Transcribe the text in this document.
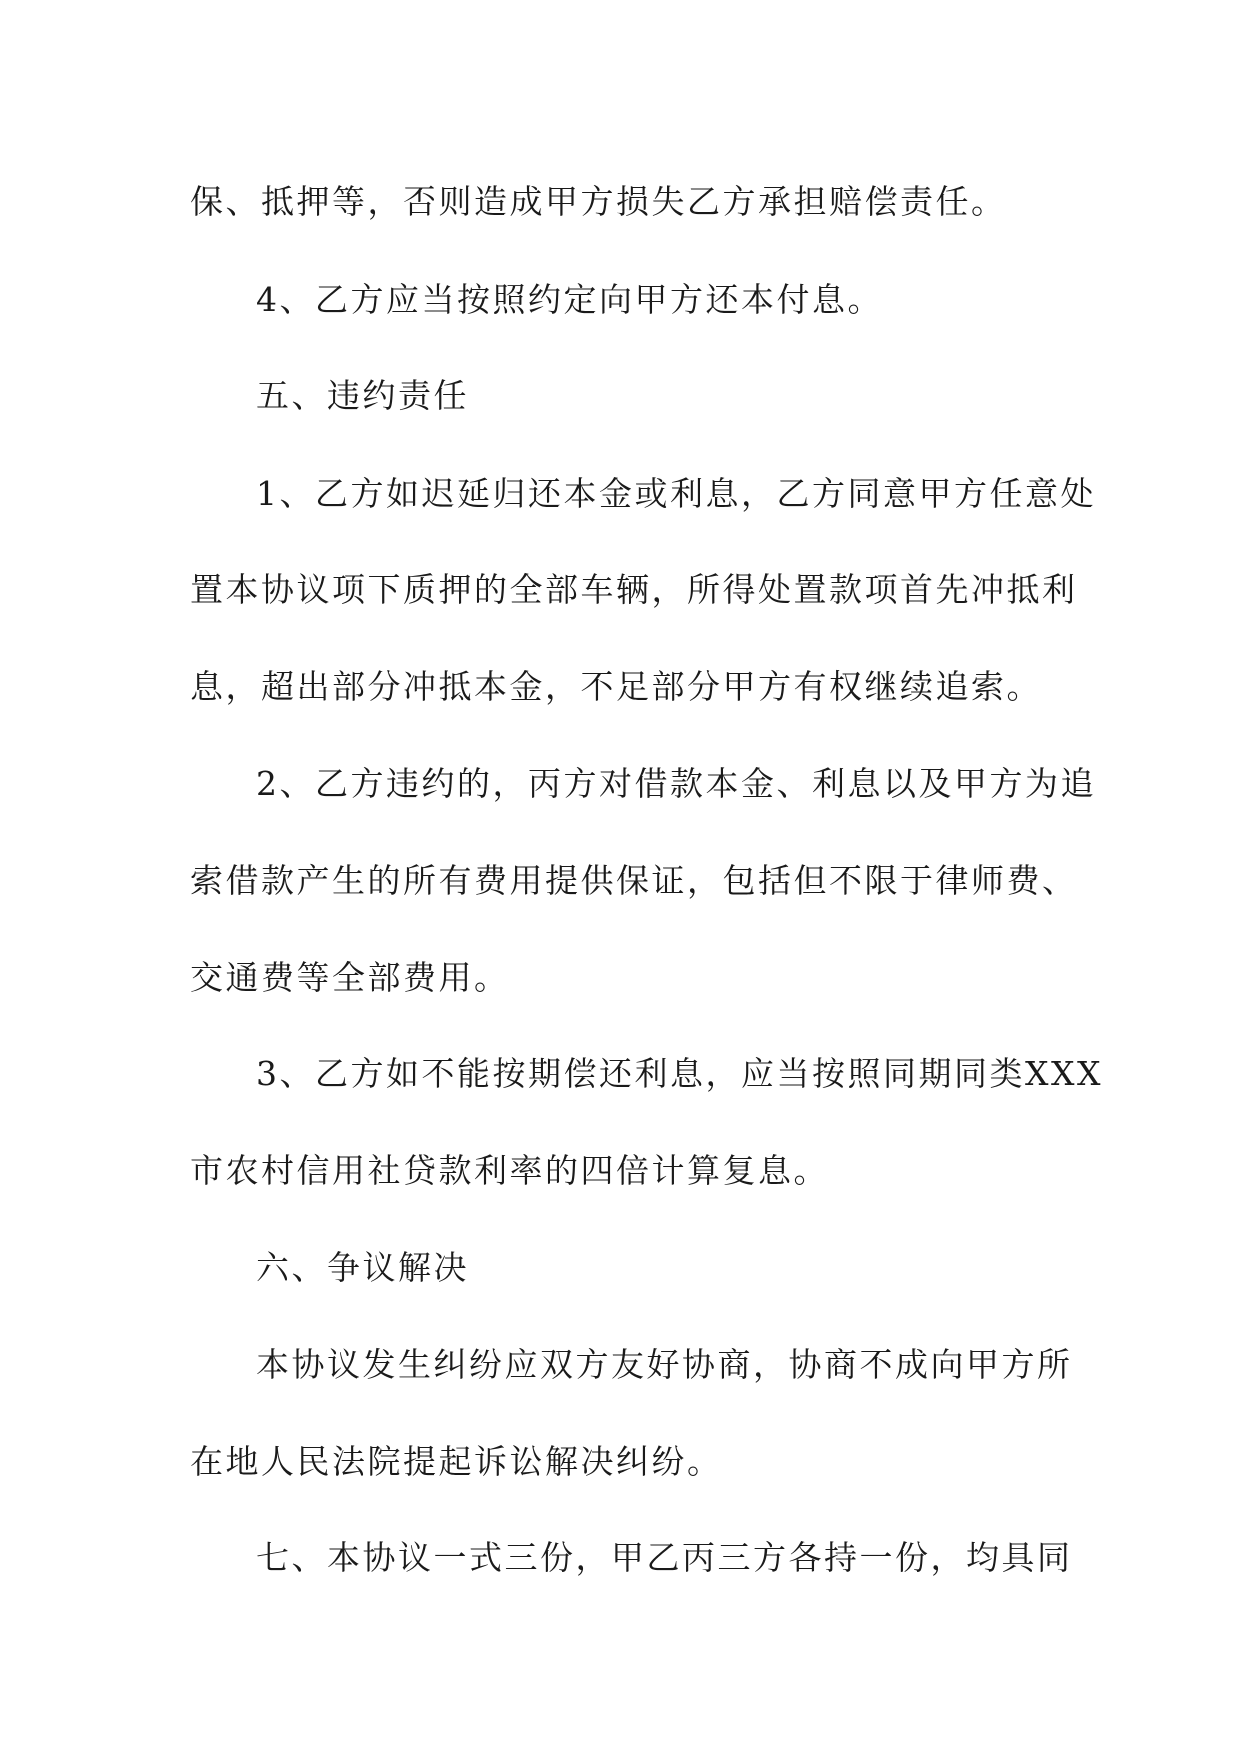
保、抵押等，否则造成甲方损失乙方承担赔偿责任。
4、乙方应当按照约定向甲方还本付息。
五、违约责任
1、乙方如迟延归还本金或利息，乙方同意甲方任意处
置本协议项下质押的全部车辆，所得处置款项首先冲抵利
息，超出部分冲抵本金，不足部分甲方有权继续追索。
2、乙方违约的，丙方对借款本金、利息以及甲方为追
索借款产生的所有费用提供保证，包括但不限于律师费、
交通费等全部费用。
3、乙方如不能按期偿还利息，应当按照同期同类XXX
市农村信用社贷款利率的四倍计算复息。
六、争议解决
本协议发生纠纷应双方友好协商，协商不成向甲方所
在地人民法院提起诉讼解决纠纷。
七、本协议一式三份，甲乙丙三方各持一份，均具同
